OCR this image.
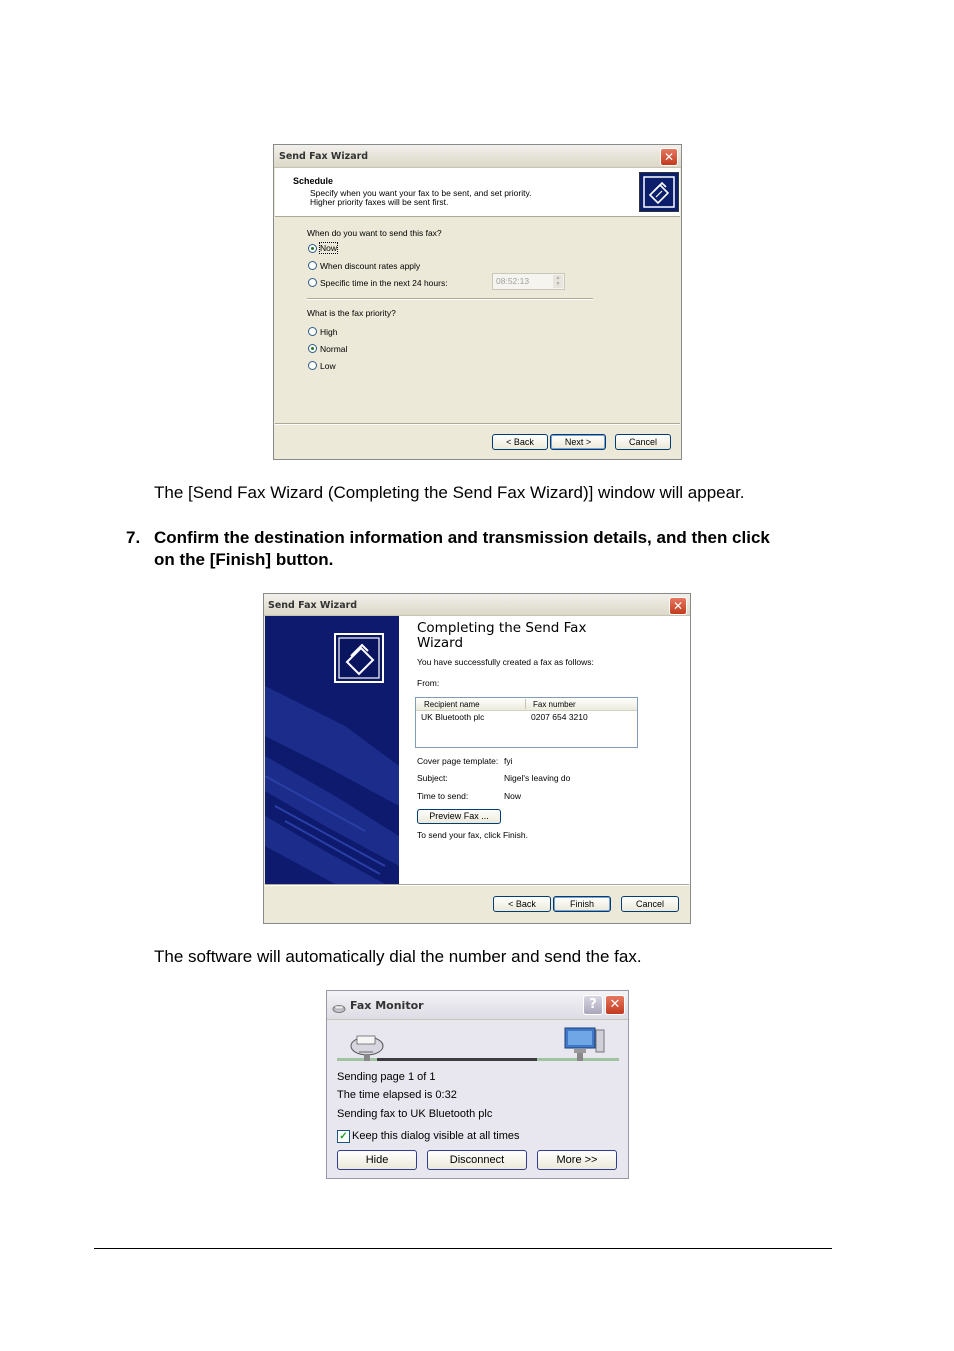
Send Fax Wizard	✕
Schedule
Specify when you want your fax to be sent, and set priority.
Higher priority faxes will be sent first.
When do you want to send this fax?
Now
When discount rates apply
Specific time in the next 24 hours:	08:52:13	▲
▼
What is the fax priority?
High
Normal
Low
< Back	Next >	Cancel
The [Send Fax Wizard (Completing the Send Fax Wizard)] window will appear.
7. Confirm the destination information and transmission details, and then click
on the [Finish] button.
Send Fax Wizard	✕
Completing the Send Fax
Wizard
You have successfully created a fax as follows:
From:
Recipient name	Fax number
UK Bluetooth plc	0207 654 3210
Cover page template: fyi
Subject:	Nigel's leaving do
Time to send:	Now
Preview Fax ...
To send your fax, click Finish.
< Back	Finish	Cancel
The software will automatically dial the number and send the fax.
Fax Monitor	? ✕
Sending page 1 of 1
The time elapsed is 0:32
Sending fax to UK Bluetooth plc
✓ Keep this dialog visible at all times
Hide	Disconnect	More >>
